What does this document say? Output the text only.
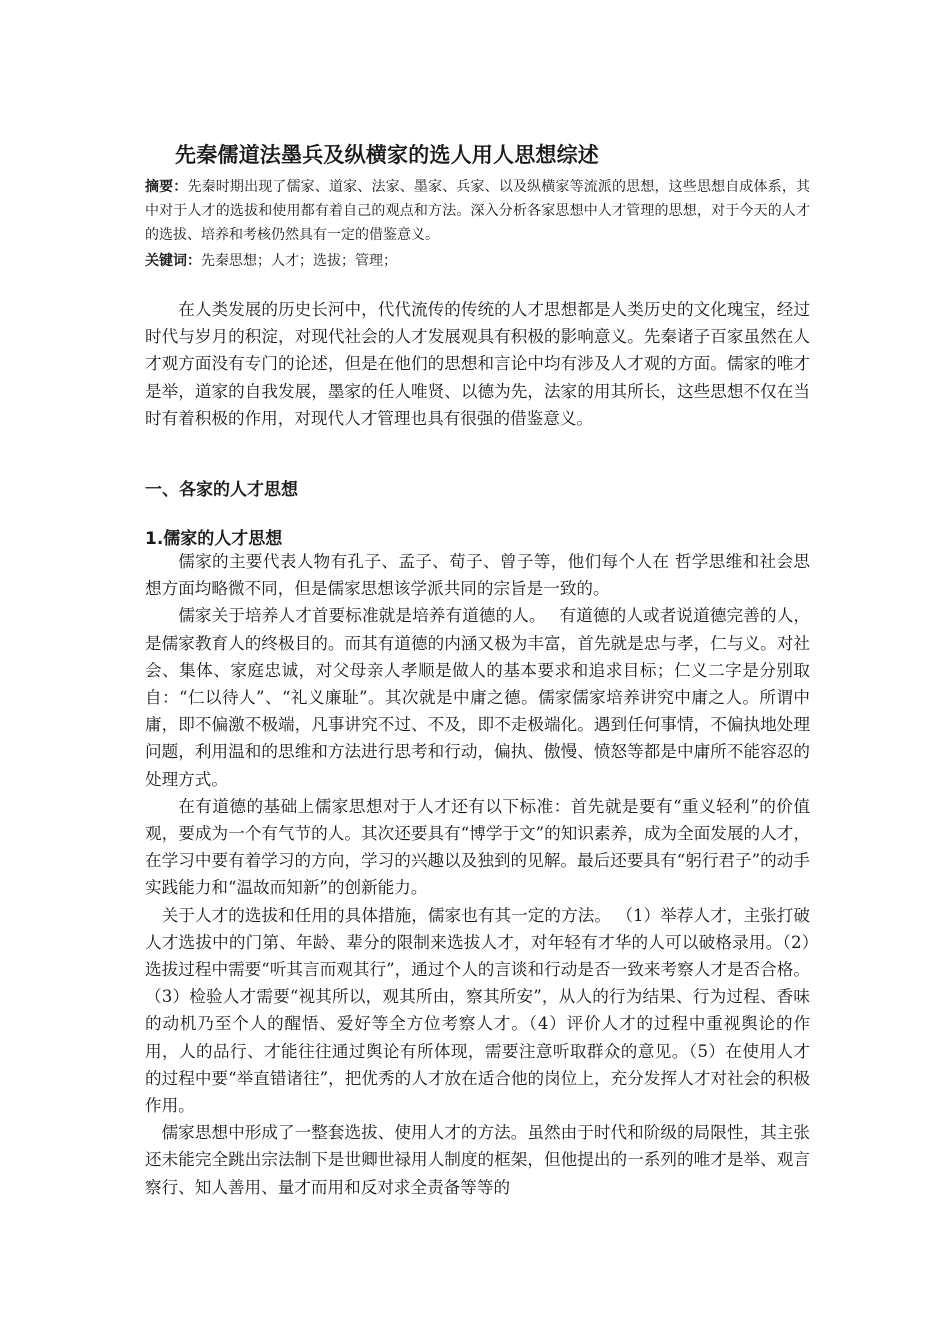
先秦儒道法墨兵及纵横家的选人用人思想综述
摘要：先秦时期出现了儒家、道家、法家、墨家、兵家、以及纵横家等流派的思想，这些思想自成体系，其中对于人才的选拔和使用都有着自己的观点和方法。深入分析各家思想中人才管理的思想，对于今天的人才的选拔、培养和考核仍然具有一定的借鉴意义。
关键词：先秦思想；人才；选拔；管理；

在人类发展的历史长河中，代代流传的传统的人才思想都是人类历史的文化瑰宝，经过时代与岁月的积淀，对现代社会的人才发展观具有积极的影响意义。先秦诸子百家虽然在人才观方面没有专门的论述，但是在他们的思想和言论中均有涉及人才观的方面。儒家的唯才是举，道家的自我发展，墨家的任人唯贤、以德为先，法家的用其所长，这些思想不仅在当时有着积极的作用，对现代人才管理也具有很强的借鉴意义。

一、各家的人才思想
1.儒家的人才思想

儒家的主要代表人物有孔子、孟子、荀子、曾子等，他们每个人在 哲学思维和社会思想方面均略微不同，但是儒家思想该学派共同的宗旨是一致的。

儒家关于培养人才首要标准就是培养有道德的人。　 有道德的人或者说道德完善的人，是儒家教育人的终极目的。而其有道德的内涵又极为丰富，首先就是忠与孝，仁与义。对社会、集体、家庭忠诚，对父母亲人孝顺是做人的基本要求和追求目标；仁义二字是分别取自：“仁以待人”、“礼义廉耻”。其次就是中庸之德。儒家儒家培养讲究中庸之人。所谓中庸，即不偏激不极端，凡事讲究不过、不及，即不走极端化。遇到任何事情，不偏执地处理问题，利用温和的思维和方法进行思考和行动，偏执、傲慢、愤怒等都是中庸所不能容忍的处理方式。

在有道德的基础上儒家思想对于人才还有以下标准：首先就是要有“重义轻利”的价值观，要成为一个有气节的人。其次还要具有“博学于文”的知识素养，成为全面发展的人才，在学习中要有着学习的方向，学习的兴趣以及独到的见解。最后还要具有“躬行君子”的动手实践能力和“温故而知新”的创新能力。

关于人才的选拔和任用的具体措施，儒家也有其一定的方法。 （1）举荐人才，主张打破人才选拔中的门第、年龄、辈分的限制来选拔人才，对年轻有才华的人可以破格录用。（2）选拔过程中需要“听其言而观其行”，通过个人的言谈和行动是否一致来考察人才是否合格。（3）检验人才需要“视其所以，观其所由，察其所安”，从人的行为结果、行为过程、香味的动机乃至个人的醒悟、爱好等全方位考察人才。（4）评价人才的过程中重视舆论的作用，人的品行、才能往往通过舆论有所体现，需要注意听取群众的意见。（5）在使用人才的过程中要“举直错诸往”，把优秀的人才放在适合他的岗位上，充分发挥人才对社会的积极作用。

儒家思想中形成了一整套选拔、使用人才的方法。虽然由于时代和阶级的局限性，其主张还未能完全跳出宗法制下是世卿世禄用人制度的框架，但他提出的一系列的唯才是举、观言察行、知人善用、量才而用和反对求全责备等等的
